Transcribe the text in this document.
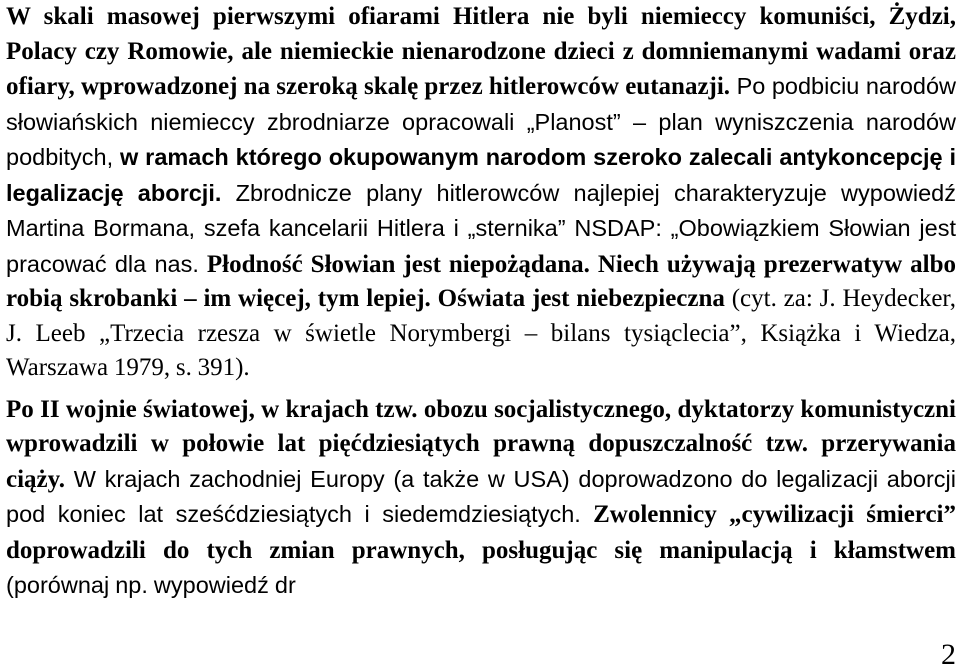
W skali masowej pierwszymi ofiarami Hitlera nie byli niemieccy komuniści, Żydzi, Polacy czy Romowie, ale niemieckie nienarodzone dzieci z domniemanymi wadami oraz ofiary, wprowadzonej na szeroką skalę przez hitlerowców eutanazji. Po podbiciu narodów słowiańskich niemieccy zbrodniarze opracowali „Planost” – plan wyniszczenia narodów podbitych, w ramach którego okupowanym narodom szeroko zalecali antykoncepcję i legalizację aborcji. Zbrodnicze plany hitlerowców najlepiej charakteryzuje wypowiedź Martina Bormana, szefa kancelarii Hitlera i „sternika” NSDAP: „Obowiązkiem Słowian jest pracować dla nas. Płodność Słowian jest niepożądana. Niech używają prezerwatyw albo robią skrobanki – im więcej, tym lepiej. Oświata jest niebezpieczna (cyt. za: J. Heydecker, J. Leeb „Trzecia rzesza w świetle Norymbergi – bilans tysiąclecia”, Książka i Wiedza, Warszawa 1979, s. 391).

Po II wojnie światowej, w krajach tzw. obozu socjalistycznego, dyktatorzy komunistyczni wprowadzili w połowie lat pięćdziesiątych prawną dopuszczalność tzw. przerywania ciąży. W krajach zachodniej Europy (a także w USA) doprowadzono do legalizacji aborcji pod koniec lat sześćdziesiątych i siedemdziesiątych. Zwolennicy „cywilizacji śmierci” doprowadzili do tych zmian prawnych, posługując się manipulacją i kłamstwem (porównaj np. wypowiedź dr

2
